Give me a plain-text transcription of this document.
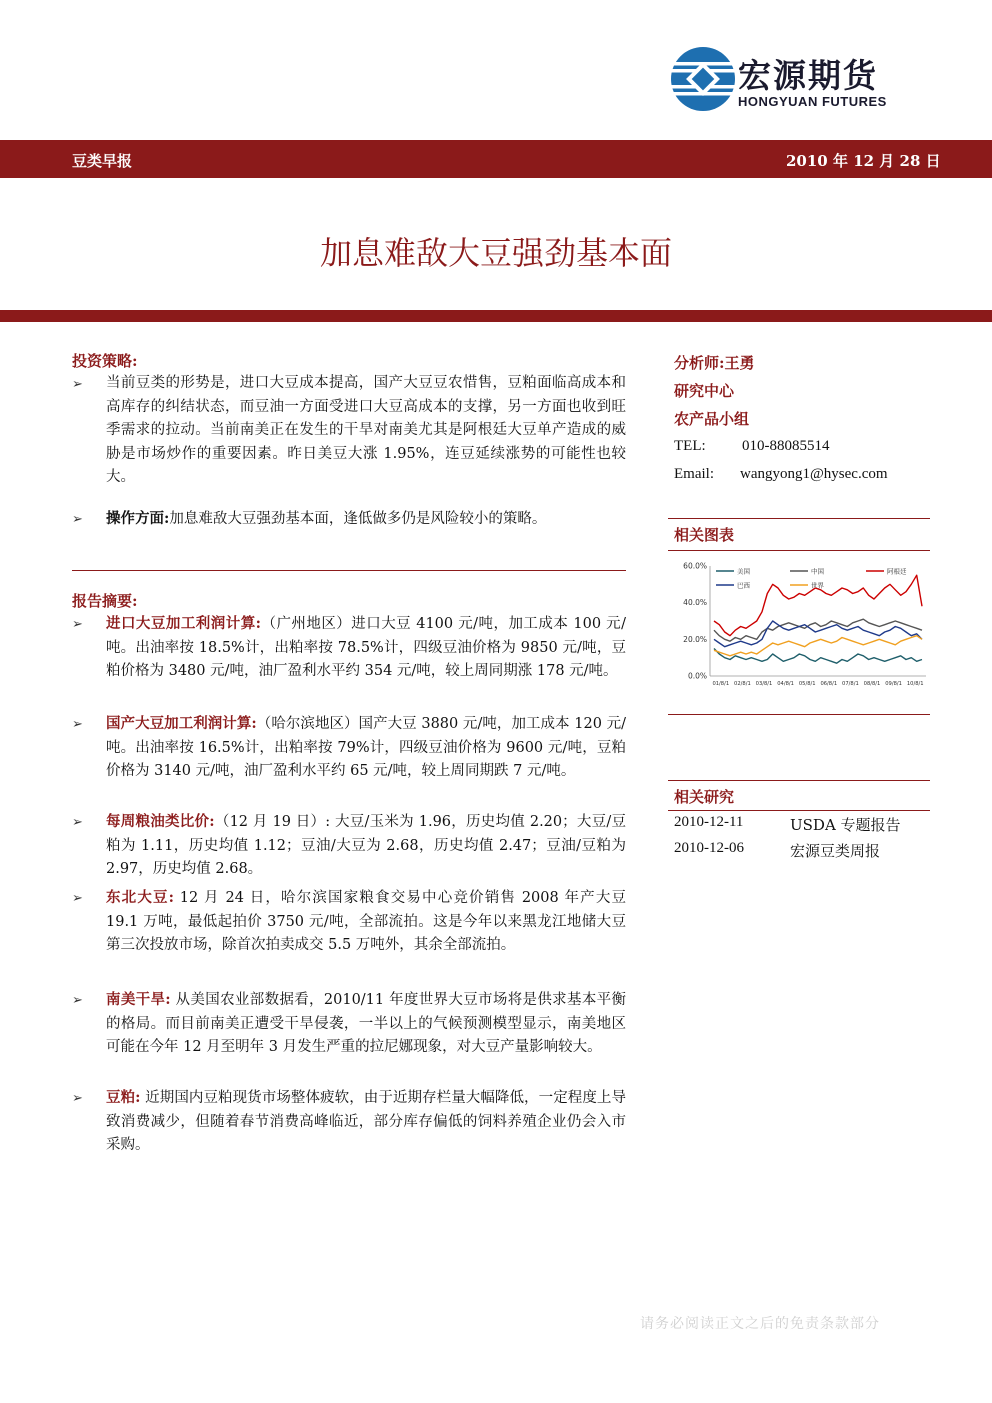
宏源期货
HONGYUAN FUTURES
豆类早报	2010 年 12 月 28 日
加息难敌大豆强劲基本面
投资策略:
➢ 当前豆类的形势是，进口大豆成本提高，国产大豆豆农惜售，豆粕面临高成本和高库存的纠结状态，而豆油一方面受进口大豆高成本的支撑，另一方面也收到旺季需求的拉动。当前南美正在发生的干旱对南美尤其是阿根廷大豆单产造成的威胁是市场炒作的重要因素。昨日美豆大涨 1.95%，连豆延续涨势的可能性也较大。
➢ 操作方面:加息难敌大豆强劲基本面，逢低做多仍是风险较小的策略。
报告摘要:
➢ 进口大豆加工利润计算:（广州地区）进口大豆 4100 元/吨，加工成本 100 元/吨。出油率按 18.5%计，出粕率按 78.5%计，四级豆油价格为 9850 元/吨，豆粕价格为 3480 元/吨，油厂盈利水平约 354 元/吨，较上周同期涨 178 元/吨。
➢ 国产大豆加工利润计算:（哈尔滨地区）国产大豆 3880 元/吨，加工成本 120 元/吨。出油率按 16.5%计，出粕率按 79%计，四级豆油价格为 9600 元/吨，豆粕价格为 3140 元/吨，油厂盈利水平约 65 元/吨，较上周同期跌 7 元/吨。
➢ 每周粮油类比价:（12 月 19 日）: 大豆/玉米为 1.96，历史均值 2.20；大豆/豆粕为 1.11，历史均值 1.12；豆油/大豆为 2.68，历史均值 2.47；豆油/豆粕为 2.97，历史均值 2.68。
➢ 东北大豆: 12 月 24 日，哈尔滨国家粮食交易中心竞价销售 2008 年产大豆 19.1 万吨，最低起拍价 3750 元/吨，全部流拍。这是今年以来黑龙江地储大豆第三次投放市场，除首次拍卖成交 5.5 万吨外，其余全部流拍。
➢ 南美干旱: 从美国农业部数据看，2010/11 年度世界大豆市场将是供求基本平衡的格局。而目前南美正遭受干旱侵袭，一半以上的气候预测模型显示，南美地区可能在今年 12 月至明年 3 月发生严重的拉尼娜现象，对大豆产量影响较大。
➢ 豆粕: 近期国内豆粕现货市场整体疲软，由于近期存栏量大幅降低，一定程度上导致消费减少，但随着春节消费高峰临近，部分库存偏低的饲料养殖企业仍会入市采购。
分析师:王勇
研究中心
农产品小组
TEL: 010-88085514
Email: wangyong1@hysec.com
相关图表
美国	中国	阿根廷
巴西	世界
60.0%
40.0%
20.0%
0.0%
01/8/1 02/8/1 03/8/1 04/8/1 05/8/1 06/8/1 07/8/1 08/8/1 09/8/1 10/8/1
相关研究
2010-12-11	USDA 专题报告
2010-12-06	宏源豆类周报
请务必阅读正文之后的免责条款部分
